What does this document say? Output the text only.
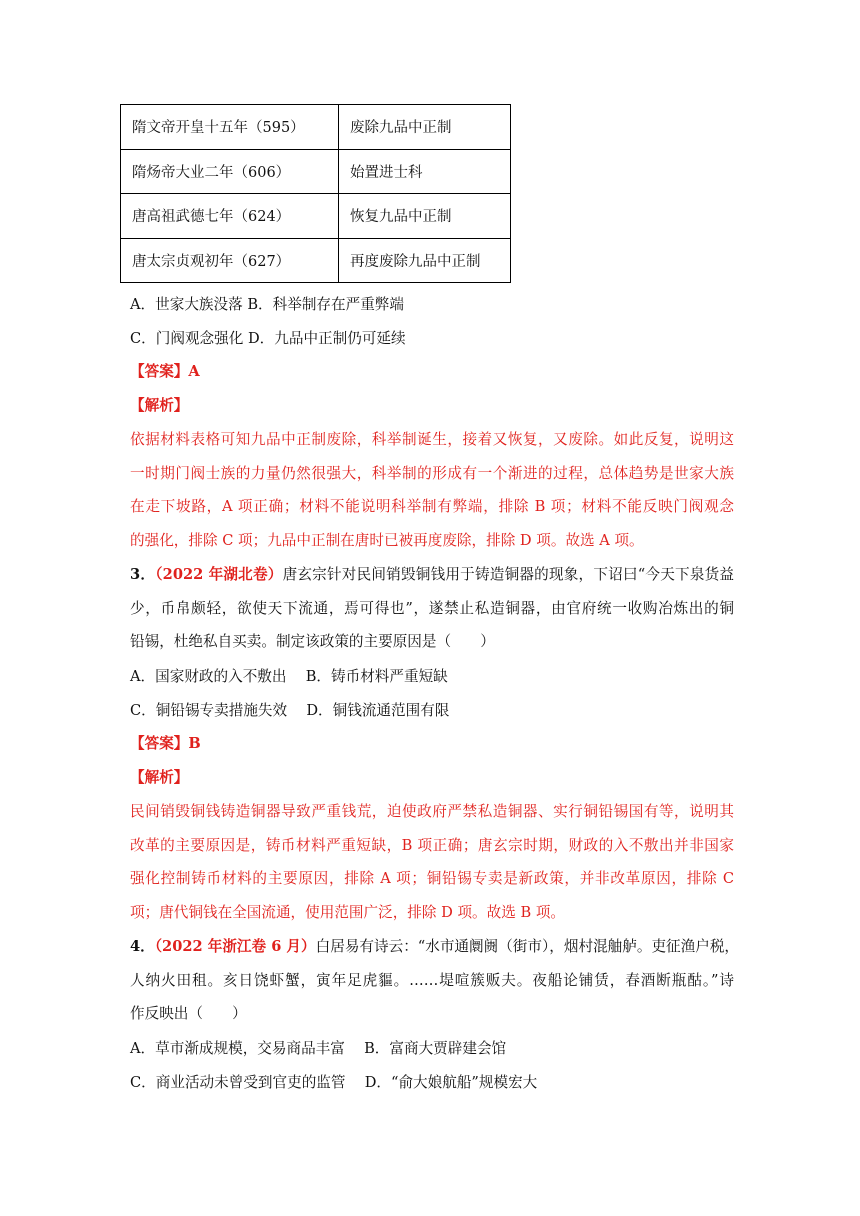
隋文帝开皇十五年（595）	废除九品中正制
隋炀帝大业二年（606）	始置进士科
唐高祖武德七年（624）	恢复九品中正制
唐太宗贞观初年（627）	再度废除九品中正制
A．世家大族没落 B．科举制存在严重弊端
C．门阀观念强化 D．九品中正制仍可延续
【答案】A
【解析】
依据材料表格可知九品中正制废除，科举制诞生，接着又恢复，又废除。如此反复，说明这
一时期门阀士族的力量仍然很强大，科举制的形成有一个渐进的过程，总体趋势是世家大族
在走下坡路，A 项正确；材料不能说明科举制有弊端，排除 B 项；材料不能反映门阀观念
的强化，排除 C 项；九品中正制在唐时已被再度废除，排除 D 项。故选 A 项。
3．（2022 年湖北卷）唐玄宗针对民间销毁铜钱用于铸造铜器的现象，下诏曰“今天下泉货益
少，币帛颇轻，欲使天下流通，焉可得也”，遂禁止私造铜器，由官府统一收购冶炼出的铜
铅锡，杜绝私自买卖。制定该政策的主要原因是（　　）
A．国家财政的入不敷出　 B．铸币材料严重短缺
C．铜铅锡专卖措施失效　 D．铜钱流通范围有限
【答案】B
【解析】
民间销毁铜钱铸造铜器导致严重钱荒，迫使政府严禁私造铜器、实行铜铅锡国有等，说明其
改革的主要原因是，铸币材料严重短缺，B 项正确；唐玄宗时期，财政的入不敷出并非国家
强化控制铸币材料的主要原因，排除 A 项；铜铅锡专卖是新政策，并非改革原因，排除 C
项；唐代铜钱在全国流通，使用范围广泛，排除 D 项。故选 B 项。
4．（2022 年浙江卷 6 月）白居易有诗云：“水市通阛阓（街市），烟村混舳舻。吏征渔户税，
人纳火田租。亥日饶虾蟹，寅年足虎貙。……堤喧簇贩夫。夜船论铺赁，春酒断瓶酤。”诗
作反映出（　　）
A．草市渐成规模，交易商品丰富　 B．富商大贾辟建会馆
C．商业活动未曾受到官吏的监管　 D．“俞大娘航船”规模宏大
